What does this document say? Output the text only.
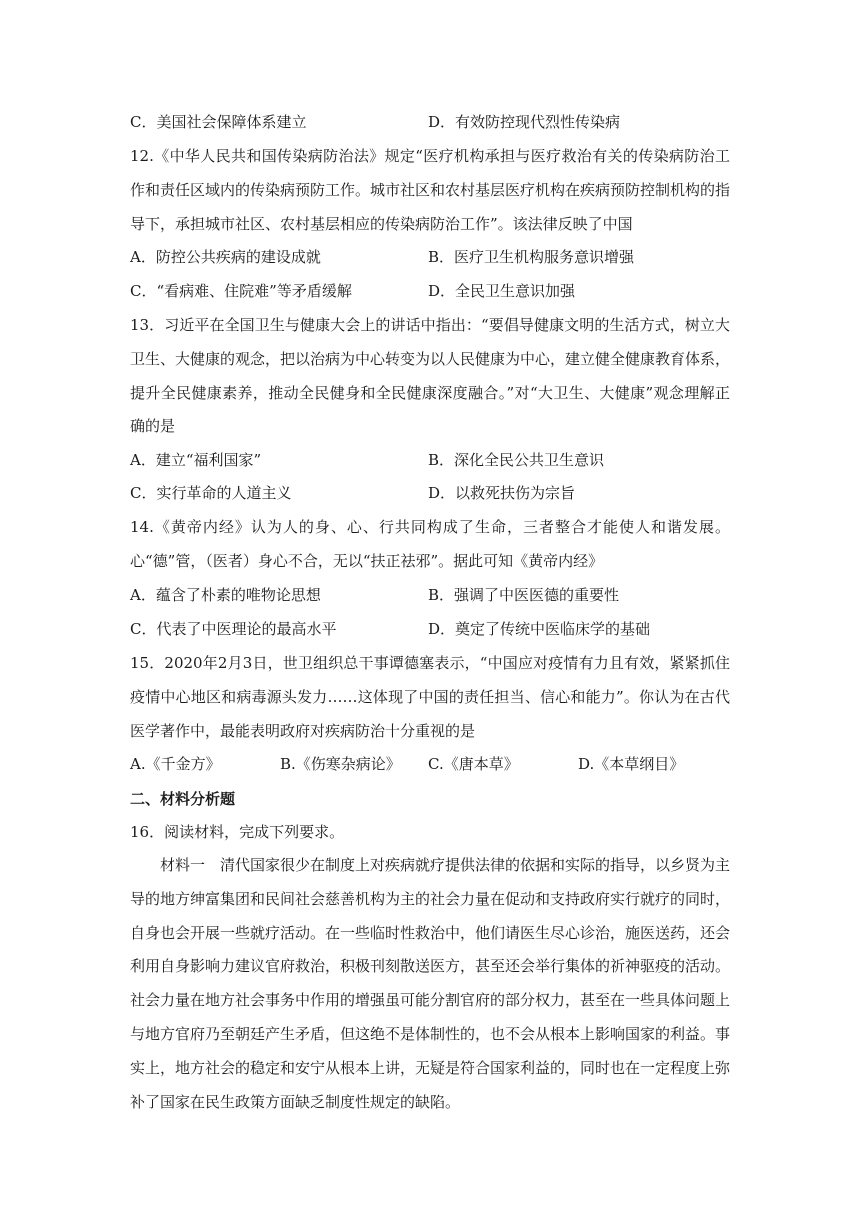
C．美国社会保障体系建立	D．有效防控现代烈性传染病
12.《中华人民共和国传染病防治法》规定“医疗机构承担与医疗救治有关的传染病防治工作和责任区域内的传染病预防工作。城市社区和农村基层医疗机构在疾病预防控制机构的指导下，承担城市社区、农村基层相应的传染病防治工作”。该法律反映了中国
A．防控公共疾病的建设成就	B．医疗卫生机构服务意识增强
C．“看病难、住院难”等矛盾缓解	D．全民卫生意识加强
13．习近平在全国卫生与健康大会上的讲话中指出：“要倡导健康文明的生活方式，树立大卫生、大健康的观念，把以治病为中心转变为以人民健康为中心，建立健全健康教育体系，提升全民健康素养，推动全民健身和全民健康深度融合。”对“大卫生、大健康”观念理解正确的是
A．建立“福利国家”	B．深化全民公共卫生意识
C．实行革命的人道主义	D．以救死扶伤为宗旨
14.《黄帝内经》认为人的身、心、行共同构成了生命，三者整合才能使人和谐发展。心“德”管，（医者）身心不合，无以“扶正祛邪”。据此可知《黄帝内经》
A．蕴含了朴素的唯物论思想	B．强调了中医医德的重要性
C．代表了中医理论的最高水平	D．奠定了传统中医临床学的基础
15．2020年2月3日，世卫组织总干事谭德塞表示，“中国应对疫情有力且有效，紧紧抓住疫情中心地区和病毒源头发力……这体现了中国的责任担当、信心和能力”。你认为在古代医学著作中，最能表明政府对疾病防治十分重视的是
A.《千金方》	B.《伤寒杂病论》 C.《唐本草》	D.《本草纲目》
二、材料分析题
16．阅读材料，完成下列要求。
材料一　清代国家很少在制度上对疾病就疗提供法律的依据和实际的指导，以乡贤为主导的地方绅富集团和民间社会慈善机构为主的社会力量在促动和支持政府实行就疗的同时，自身也会开展一些就疗活动。在一些临时性救治中，他们请医生尽心诊治，施医送药，还会利用自身影响力建议官府救治，积极刊刻散送医方，甚至还会举行集体的祈神驱疫的活动。社会力量在地方社会事务中作用的增强虽可能分割官府的部分权力，甚至在一些具体问题上与地方官府乃至朝廷产生矛盾，但这绝不是体制性的，也不会从根本上影响国家的利益。事实上，地方社会的稳定和安宁从根本上讲，无疑是符合国家利益的，同时也在一定程度上弥补了国家在民生政策方面缺乏制度性规定的缺陷。
